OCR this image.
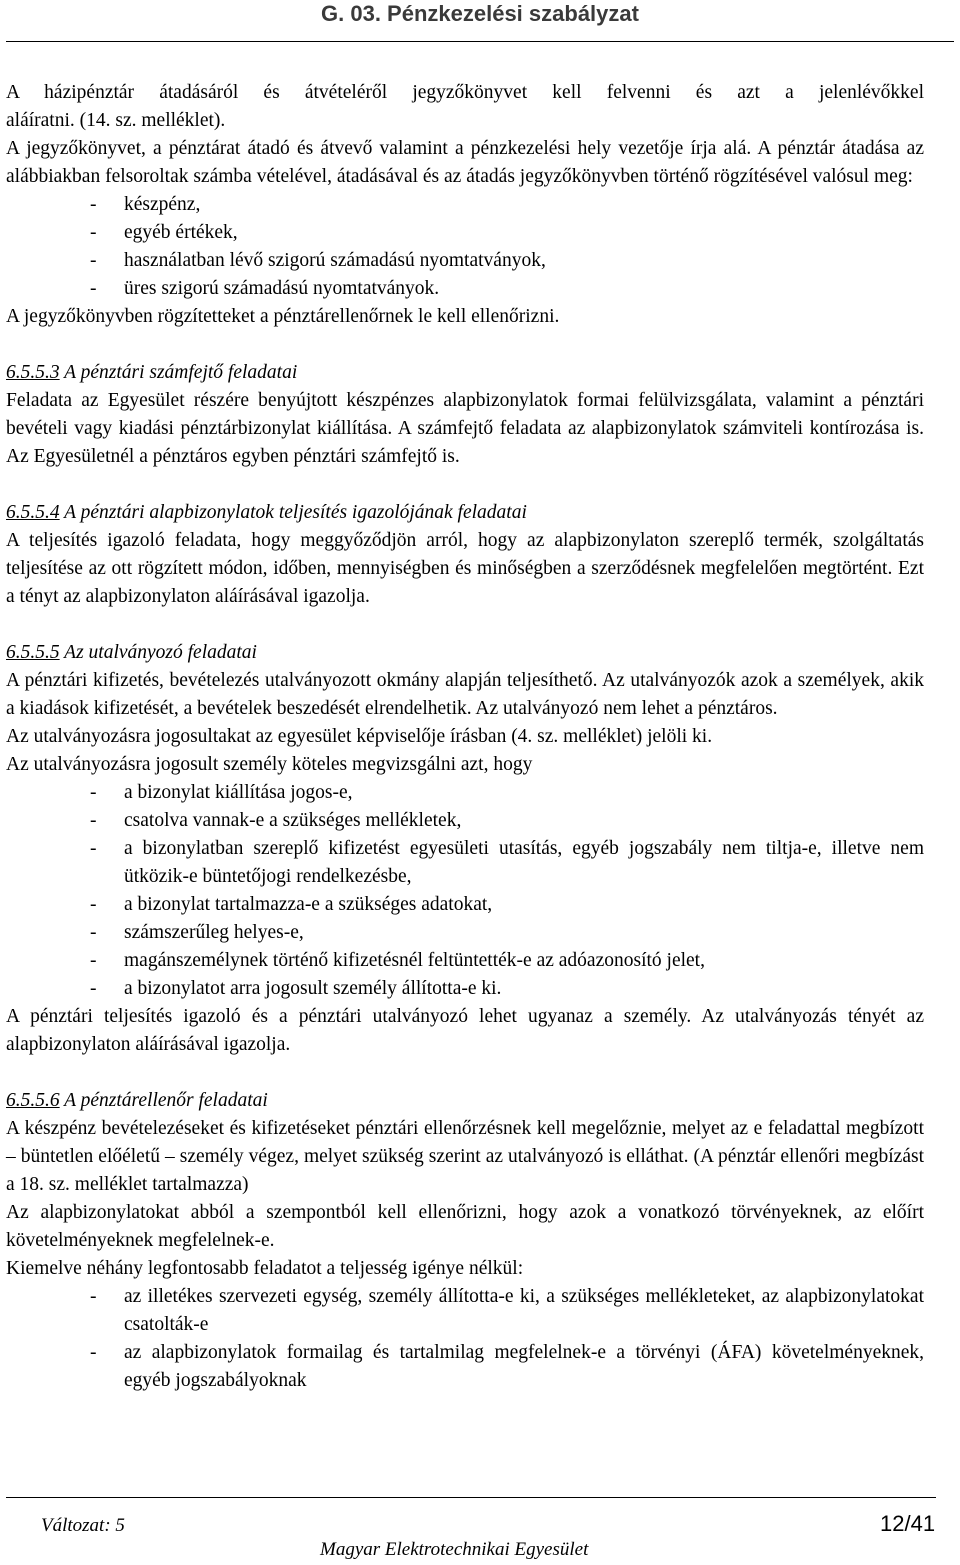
G. 03. Pénzkezelési szabályzat

A házipénztár átadásáról és átvételéről jegyzőkönyvet kell felvenni és azt a jelenlévőkkel

aláíratni. (14. sz. melléklet).

A jegyzőkönyvet, a pénztárat átadó és átvevő valamint a pénzkezelési hely vezetője írja alá. A pénztár átadása az alábbiakban felsoroltak számba vételével, átadásával és az átadás jegyzőkönyvben történő rögzítésével valósul meg:

-	készpénz,
-	egyéb értékek,
-	használatban lévő szigorú számadású nyomtatványok,
-	üres szigorú számadású nyomtatványok.

A jegyzőkönyvben rögzítetteket a pénztárellenőrnek le kell ellenőrizni.

6.5.5.3 A pénztári számfejtő feladatai

Feladata az Egyesület részére benyújtott készpénzes alapbizonylatok formai felülvizsgálata, valamint a pénztári bevételi vagy kiadási pénztárbizonylat kiállítása. A számfejtő feladata az alapbizonylatok számviteli kontírozása is. Az Egyesületnél a pénztáros egyben pénztári számfejtő is.

6.5.5.4 A pénztári alapbizonylatok teljesítés igazolójának feladatai

A teljesítés igazoló feladata, hogy meggyőződjön arról, hogy az alapbizonylaton szereplő termék, szolgáltatás teljesítése az ott rögzített módon, időben, mennyiségben és minőségben a szerződésnek megfelelően megtörtént. Ezt a tényt az alapbizonylaton aláírásával igazolja.

6.5.5.5 Az utalványozó feladatai

A pénztári kifizetés, bevételezés utalványozott okmány alapján teljesíthető. Az utalványozók azok a személyek, akik a kiadások kifizetését, a bevételek beszedését elrendelhetik. Az utalványozó nem lehet a pénztáros.

Az utalványozásra jogosultakat az egyesület képviselője írásban (4. sz. melléklet) jelöli ki.

Az utalványozásra jogosult személy köteles megvizsgálni azt, hogy

-	a bizonylat kiállítása jogos-e,
-	csatolva vannak-e a szükséges mellékletek,
-	a bizonylatban szereplő kifizetést egyesületi utasítás, egyéb jogszabály nem tiltja-e, illetve nem ütközik-e büntetőjogi rendelkezésbe,
-	a bizonylat tartalmazza-e a szükséges adatokat,
-	számszerűleg helyes-e,
-	magánszemélynek történő kifizetésnél feltüntették-e az adóazonosító jelet,
-	a bizonylatot arra jogosult személy állította-e ki.

A pénztári teljesítés igazoló és a pénztári utalványozó lehet ugyanaz a személy. Az utalványozás tényét az alapbizonylaton aláírásával igazolja.

6.5.5.6 A pénztárellenőr feladatai

A készpénz bevételezéseket és kifizetéseket pénztári ellenőrzésnek kell megelőznie, melyet az e feladattal megbízott – büntetlen előéletű – személy végez, melyet szükség szerint az utalványozó is elláthat. (A pénztár ellenőri megbízást a 18. sz. melléklet tartalmazza)

Az alapbizonylatokat abból a szempontból kell ellenőrizni, hogy azok a vonatkozó törvényeknek, az előírt követelményeknek megfelelnek-e.

Kiemelve néhány legfontosabb feladatot a teljesség igénye nélkül:

-	az illetékes szervezeti egység, személy állította-e ki, a szükséges mellékleteket, az alapbizonylatokat csatolták-e
-	az alapbizonylatok formailag és tartalmilag megfelelnek-e a törvényi (ÁFA) követelményeknek, egyéb jogszabályoknak
Változat: 5	12/41
Magyar Elektrotechnikai Egyesület
